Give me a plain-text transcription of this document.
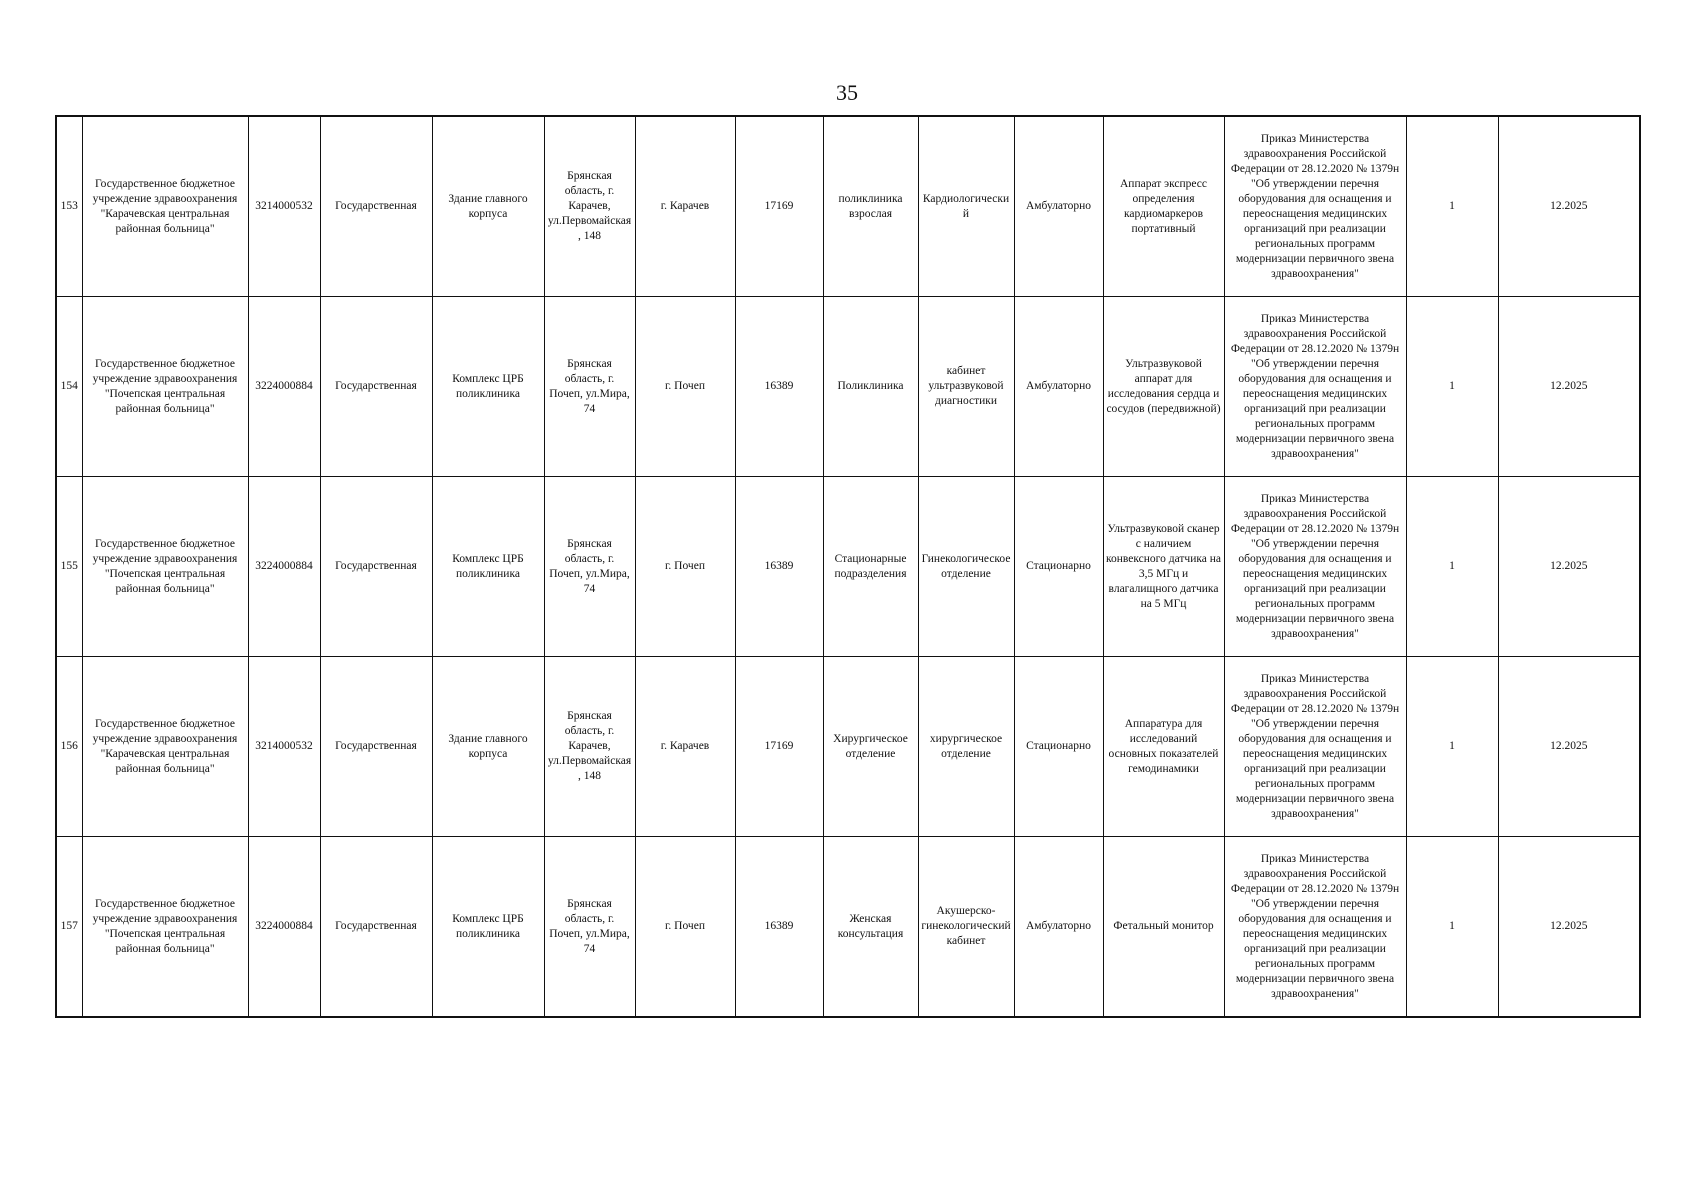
35
153	Государственное бюджетное учреждение здравоохранения "Карачевская центральная районная больница"	3214000532	Государственная	Здание главного корпуса	Брянская область, г. Карачев, ул.Первомайская, 148	г. Карачев	17169	поликлиника взрослая	Кардиологический	Амбулаторно	Аппарат экспресс определения кардиомаркеров портативный	Приказ Министерства здравоохранения Российской Федерации от 28.12.2020 № 1379н "Об утверждении перечня оборудования для оснащения и переоснащения медицинских организаций при реализации региональных программ модернизации первичного звена здравоохранения"	1	12.2025
154	Государственное бюджетное учреждение здравоохранения "Почепская центральная районная больница"	3224000884	Государственная	Комплекс ЦРБ поликлиника	Брянская область, г. Почеп, ул.Мира, 74	г. Почеп	16389	Поликлиника	кабинет ультразвуковой диагностики	Амбулаторно	Ультразвуковой аппарат для исследования сердца и сосудов (передвижной)	Приказ Министерства здравоохранения Российской Федерации от 28.12.2020 № 1379н "Об утверждении перечня оборудования для оснащения и переоснащения медицинских организаций при реализации региональных программ модернизации первичного звена здравоохранения"	1	12.2025
155	Государственное бюджетное учреждение здравоохранения "Почепская центральная районная больница"	3224000884	Государственная	Комплекс ЦРБ поликлиника	Брянская область, г. Почеп, ул.Мира, 74	г. Почеп	16389	Стационарные подразделения	Гинекологическое отделение	Стационарно	Ультразвуковой сканер с наличием конвексного датчика на 3,5 МГц и влагалищного датчика на 5 МГц	Приказ Министерства здравоохранения Российской Федерации от 28.12.2020 № 1379н "Об утверждении перечня оборудования для оснащения и переоснащения медицинских организаций при реализации региональных программ модернизации первичного звена здравоохранения"	1	12.2025
156	Государственное бюджетное учреждение здравоохранения "Карачевская центральная районная больница"	3214000532	Государственная	Здание главного корпуса	Брянская область, г. Карачев, ул.Первомайская, 148	г. Карачев	17169	Хирургическое отделение	хирургическое отделение	Стационарно	Аппаратура для исследований основных показателей гемодинамики	Приказ Министерства здравоохранения Российской Федерации от 28.12.2020 № 1379н "Об утверждении перечня оборудования для оснащения и переоснащения медицинских организаций при реализации региональных программ модернизации первичного звена здравоохранения"	1	12.2025
157	Государственное бюджетное учреждение здравоохранения "Почепская центральная районная больница"	3224000884	Государственная	Комплекс ЦРБ поликлиника	Брянская область, г. Почеп, ул.Мира, 74	г. Почеп	16389	Женская консультация	Акушерско-гинекологический кабинет	Амбулаторно	Фетальный монитор	Приказ Министерства здравоохранения Российской Федерации от 28.12.2020 № 1379н "Об утверждении перечня оборудования для оснащения и переоснащения медицинских организаций при реализации региональных программ модернизации первичного звена здравоохранения"	1	12.2025
